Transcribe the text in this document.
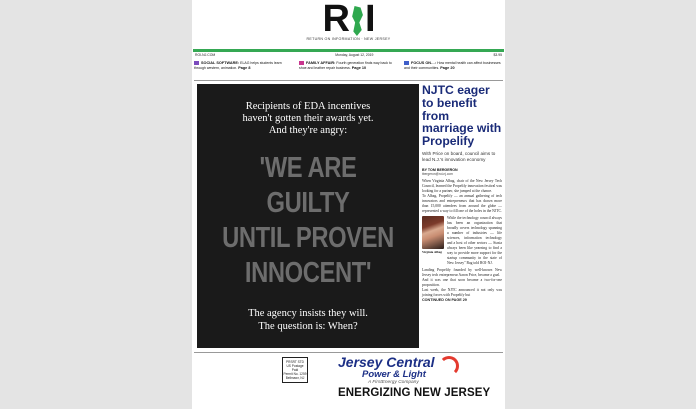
R I
RETURN ON INFORMATION · NEW JERSEY
ROI-NJ.COM	Monday, August 12, 2019	$3.95
SOCIAL SOFTWARE: ELAG helps students learn through western, animation. Page 8
FAMILY AFFAIR: Fourth generation finds way back to shoe and leather repair business. Page 10
FOCUS ON…: How mental health can affect businesses and their communities. Page 20
Recipients of EDA incentives
haven't gotten their awards yet.
And they're angry:
'WE ARE GUILTY
UNTIL PROVEN
INNOCENT'
The agency insists they will.
The question is: When?
STORIES START ON PAGE 14
NJTC eager to benefit from marriage with Propelify
With Price on board, council aims to lead N.J.'s innovation economy
BY TOM BERGERON
tbergeron@roi-nj.com
When Virginia Albag, chair of the New Jersey Tech Council, learned the Propelify innovation festival was looking for a partner, she jumped at the chance.
To Albag, Propelify — an annual gathering of tech innovators and entrepreneurs that has drawn more than 15,000 attendees from around the globe — represented a way to fill one of the holes in the NJTC.
Virginia Albag
While the technology council always has been an organization that broadly covers technology spanning a number of industries — life sciences, information technology and a host of other sectors — Stasia always been like yearning to find a way to provide more support for the startup community in the state of New Jersey" Bag told ROI-NJ.
Landing Propelify founded by well-known New Jersey tech entrepreneur Aaron Price, became a goal.
And it was one that soon became a two-for-one proposition.
Last week, the NJTC announced it not only was joining forces with Propelify but
CONTINUED ON PAGE 29
PRSRT STD
US Postage Paid
Permit No. 1259
Bellmawr, NJ
Jersey Central
Power & Light
A FirstEnergy Company
ENERGIZING NEW JERSEY
